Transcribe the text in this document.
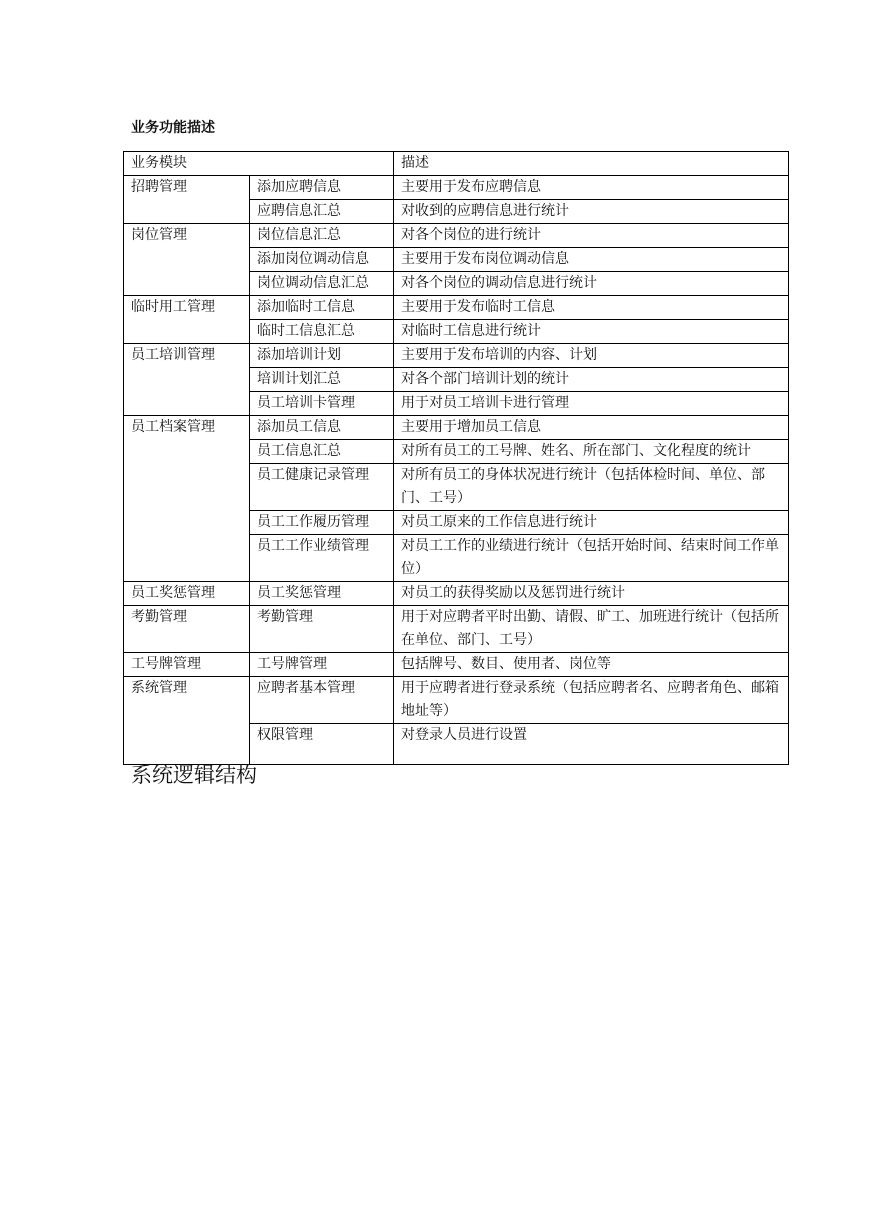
业务功能描述
业务模块		描述
招聘管理	添加应聘信息	主要用于发布应聘信息
	应聘信息汇总	对收到的应聘信息进行统计
岗位管理	岗位信息汇总	对各个岗位的进行统计
	添加岗位调动信息	主要用于发布岗位调动信息
	岗位调动信息汇总	对各个岗位的调动信息进行统计
临时用工管理	添加临时工信息	主要用于发布临时工信息
	临时工信息汇总	对临时工信息进行统计
员工培训管理	添加培训计划	主要用于发布培训的内容、计划
	培训计划汇总	对各个部门培训计划的统计
	员工培训卡管理	用于对员工培训卡进行管理
员工档案管理	添加员工信息	主要用于增加员工信息
	员工信息汇总	对所有员工的工号牌、姓名、所在部门、文化程度的统计
	员工健康记录管理	对所有员工的身体状况进行统计（包括体检时间、单位、部门、工号）
	员工工作履历管理	对员工原来的工作信息进行统计
	员工工作业绩管理	对员工工作的业绩进行统计（包括开始时间、结束时间工作单位）
员工奖惩管理	员工奖惩管理	对员工的获得奖励以及惩罚进行统计
考勤管理	考勤管理	用于对应聘者平时出勤、请假、旷工、加班进行统计（包括所在单位、部门、工号）
工号牌管理	工号牌管理	包括牌号、数目、使用者、岗位等
系统管理	应聘者基本管理	用于应聘者进行登录系统（包括应聘者名、应聘者角色、邮箱地址等）
	权限管理	对登录人员进行设置
系统逻辑结构
